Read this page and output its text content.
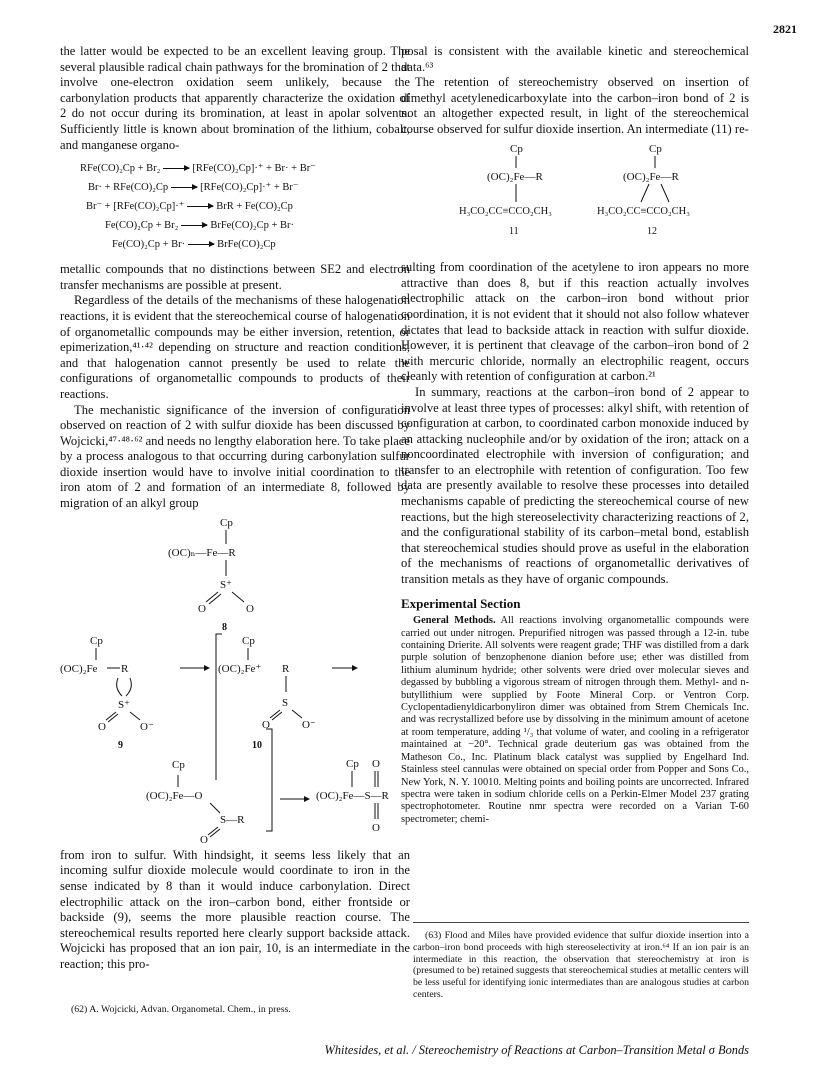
2821

the latter would be expected to be an excellent leaving group. The several plausible radical chain pathways for the bromination of 2 that involve one-electron oxidation seem unlikely, because the carbonylation products that apparently characterize the oxidation of 2 do not occur during its bromination, at least in apolar solvents. Sufficiently little is known about bromination of the lithium, cobalt, and manganese organo-

RFe(CO)₂Cp + Br₂ → [RFe(CO)₂Cp]·⁺ + Br· + Br⁻
Br· + RFe(CO)₂Cp → [RFe(CO)₂Cp]·⁺ + Br⁻
Br⁻ + [RFe(CO)₂Cp]·⁺ → BrR + Fe(CO)₂Cp
Fe(CO)₂Cp + Br₂ → BrFe(CO)₂Cp + Br·
Fe(CO)₂Cp + Br· → BrFe(CO)₂Cp

metallic compounds that no distinctions between SE2 and electron transfer mechanisms are possible at present.

Regardless of the details of the mechanisms of these halogenation reactions, it is evident that the stereochemical course of halogenation of organometallic compounds may be either inversion, retention, or epimerization,⁴¹·⁴² depending on structure and reaction conditions, and that halogenation cannot presently be used to relate the configurations of organometallic compounds to products of their reactions.

The mechanistic significance of the inversion of configuration observed on reaction of 2 with sulfur dioxide has been discussed by Wojcicki,⁴⁷·⁴⁸·⁶² and needs no lengthy elaboration here. To take place by a process analogous to that occurring during carbonylation sulfur dioxide insertion would have to involve initial coordination to the iron atom of 2 and formation of an intermediate 8, followed by migration of an alkyl group

Cp
(OC)ₙ—Fe—R
S⁺
O	O
8
Cp
(OC)₂Fe R
S⁺
O	O⁻
9
Cp
(OC)₂Fe⁺ R
S
O	O⁻
10
Cp

(OC)₂Fe—O
S—R
O
Cp O
(OC)₂Fe—S—R
O

from iron to sulfur. With hindsight, it seems less likely that an incoming sulfur dioxide molecule would coordinate to iron in the sense indicated by 8 than it would induce carbonylation. Direct electrophilic attack on the iron–carbon bond, either frontside or backside (9), seems the more plausible reaction course. The stereochemical results reported here clearly support backside attack. Wojcicki has proposed that an ion pair, 10, is an intermediate in the reaction; this pro-

(62) A. Wojcicki, Advan. Organometal. Chem., in press.

posal is consistent with the available kinetic and stereochemical data.⁶³

The retention of stereochemistry observed on insertion of dimethyl acetylenedicarboxylate into the carbon–iron bond of 2 is not an altogether expected result, in light of the stereochemical course observed for sulfur dioxide insertion. An intermediate (11) re-

Cp
(OC)₂Fe—R
H₃CO₂CC≡CCO₂CH₃
11
Cp
(OC)₂Fe—R
H₃CO₂CC≡CCO₂CH₃
12

sulting from coordination of the acetylene to iron appears no more attractive than does 8, but if this reaction actually involves electrophilic attack on the carbon–iron bond without prior coordination, it is not evident that it should not also follow whatever dictates that lead to backside attack in reaction with sulfur dioxide. However, it is pertinent that cleavage of the carbon–iron bond of 2 with mercuric chloride, normally an electrophilic reagent, occurs cleanly with retention of configuration at carbon.²¹

In summary, reactions at the carbon–iron bond of 2 appear to involve at least three types of processes: alkyl shift, with retention of configuration at carbon, to coordinated carbon monoxide induced by an attacking nucleophile and/or by oxidation of the iron; attack on a noncoordinated electrophile with inversion of configuration; and transfer to an electrophile with retention of configuration. Too few data are presently available to resolve these processes into detailed mechanisms capable of predicting the stereochemical course of new reactions, but the high stereoselectivity characterizing reactions of 2, and the configurational stability of its carbon–metal bond, establish that stereochemical studies should prove as useful in the elaboration of the mechanisms of reactions of organometallic derivatives of transition metals as they have of organic compounds.

Experimental Section

General Methods. All reactions involving organometallic compounds were carried out under nitrogen. Prepurified nitrogen was passed through a 12-in. tube containing Drierite. All solvents were reagent grade; THF was distilled from a dark purple solution of benzophenone dianion before use; ether was distilled from lithium aluminum hydride; other solvents were dried over molecular sieves and degassed by bubbling a vigorous stream of nitrogen through them. Methyl- and n-butyllithium were supplied by Foote Mineral Corp. or Ventron Corp. Cyclopentadienyldicarbonyliron dimer was obtained from Strem Chemicals Inc. and was recrystallized before use by dissolving in the minimum amount of acetone at room temperature, adding ¹/₃ that volume of water, and cooling in a refrigerator maintained at −20°. Technical grade deuterium gas was obtained from the Matheson Co., Inc. Platinum black catalyst was supplied by Engelhard Ind. Stainless steel cannulas were obtained on special order from Popper and Sons Co., New York, N. Y. 10010. Melting points and boiling points are uncorrected. Infrared spectra were taken in sodium chloride cells on a Perkin-Elmer Model 237 grating spectrophotometer. Routine nmr spectra were recorded on a Varian T-60 spectrometer; chemi-

(63) Flood and Miles have provided evidence that sulfur dioxide insertion into a carbon–iron bond proceeds with high stereoselectivity at iron.⁶⁴ If an ion pair is an intermediate in this reaction, the observation that stereochemistry at iron is (presumed to be) retained suggests that stereochemical studies at metallic centers will be less useful for identifying ionic intermediates than are analogous studies at carbon centers.

Whitesides, et al. / Stereochemistry of Reactions at Carbon–Transition Metal σ Bonds
